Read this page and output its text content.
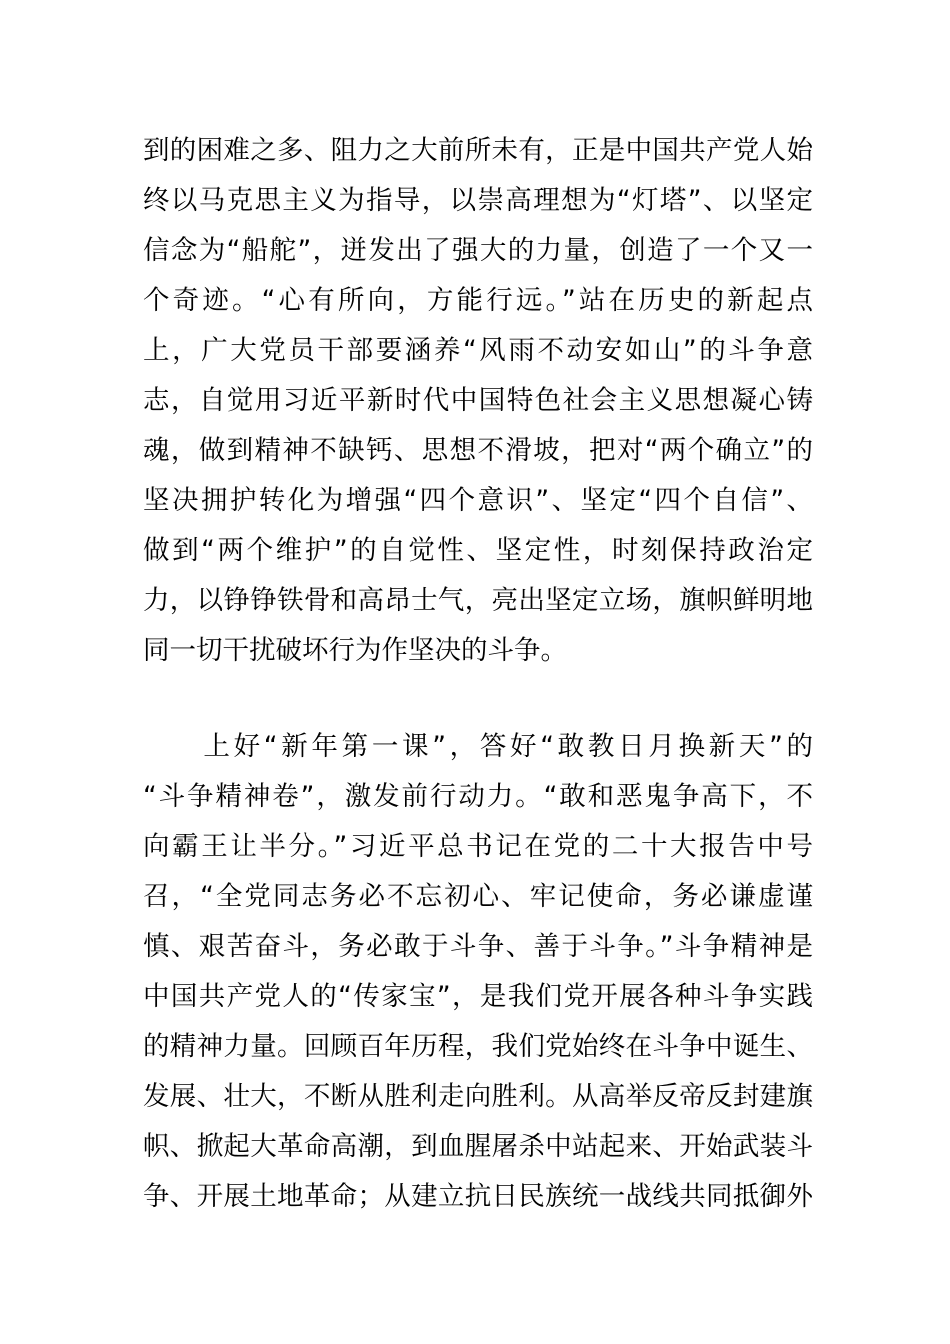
到的困难之多、阻力之大前所未有，正是中国共产党人始
终以马克思主义为指导，以崇高理想为“灯塔”、以坚定
信念为“船舵”，迸发出了强大的力量，创造了一个又一
个奇迹。“心有所向，方能行远。”站在历史的新起点
上，广大党员干部要涵养“风雨不动安如山”的斗争意
志，自觉用习近平新时代中国特色社会主义思想凝心铸
魂，做到精神不缺钙、思想不滑坡，把对“两个确立”的
坚决拥护转化为增强“四个意识”、坚定“四个自信”、
做到“两个维护”的自觉性、坚定性，时刻保持政治定
力，以铮铮铁骨和高昂士气，亮出坚定立场，旗帜鲜明地
同一切干扰破坏行为作坚决的斗争。
　　上好“新年第一课”，答好“敢教日月换新天”的
“斗争精神卷”，激发前行动力。“敢和恶鬼争高下，不
向霸王让半分。”习近平总书记在党的二十大报告中号
召，“全党同志务必不忘初心、牢记使命，务必谦虚谨
慎、艰苦奋斗，务必敢于斗争、善于斗争。”斗争精神是
中国共产党人的“传家宝”，是我们党开展各种斗争实践
的精神力量。回顾百年历程，我们党始终在斗争中诞生、
发展、壮大，不断从胜利走向胜利。从高举反帝反封建旗
帜、掀起大革命高潮，到血腥屠杀中站起来、开始武装斗
争、开展土地革命；从建立抗日民族统一战线共同抵御外
